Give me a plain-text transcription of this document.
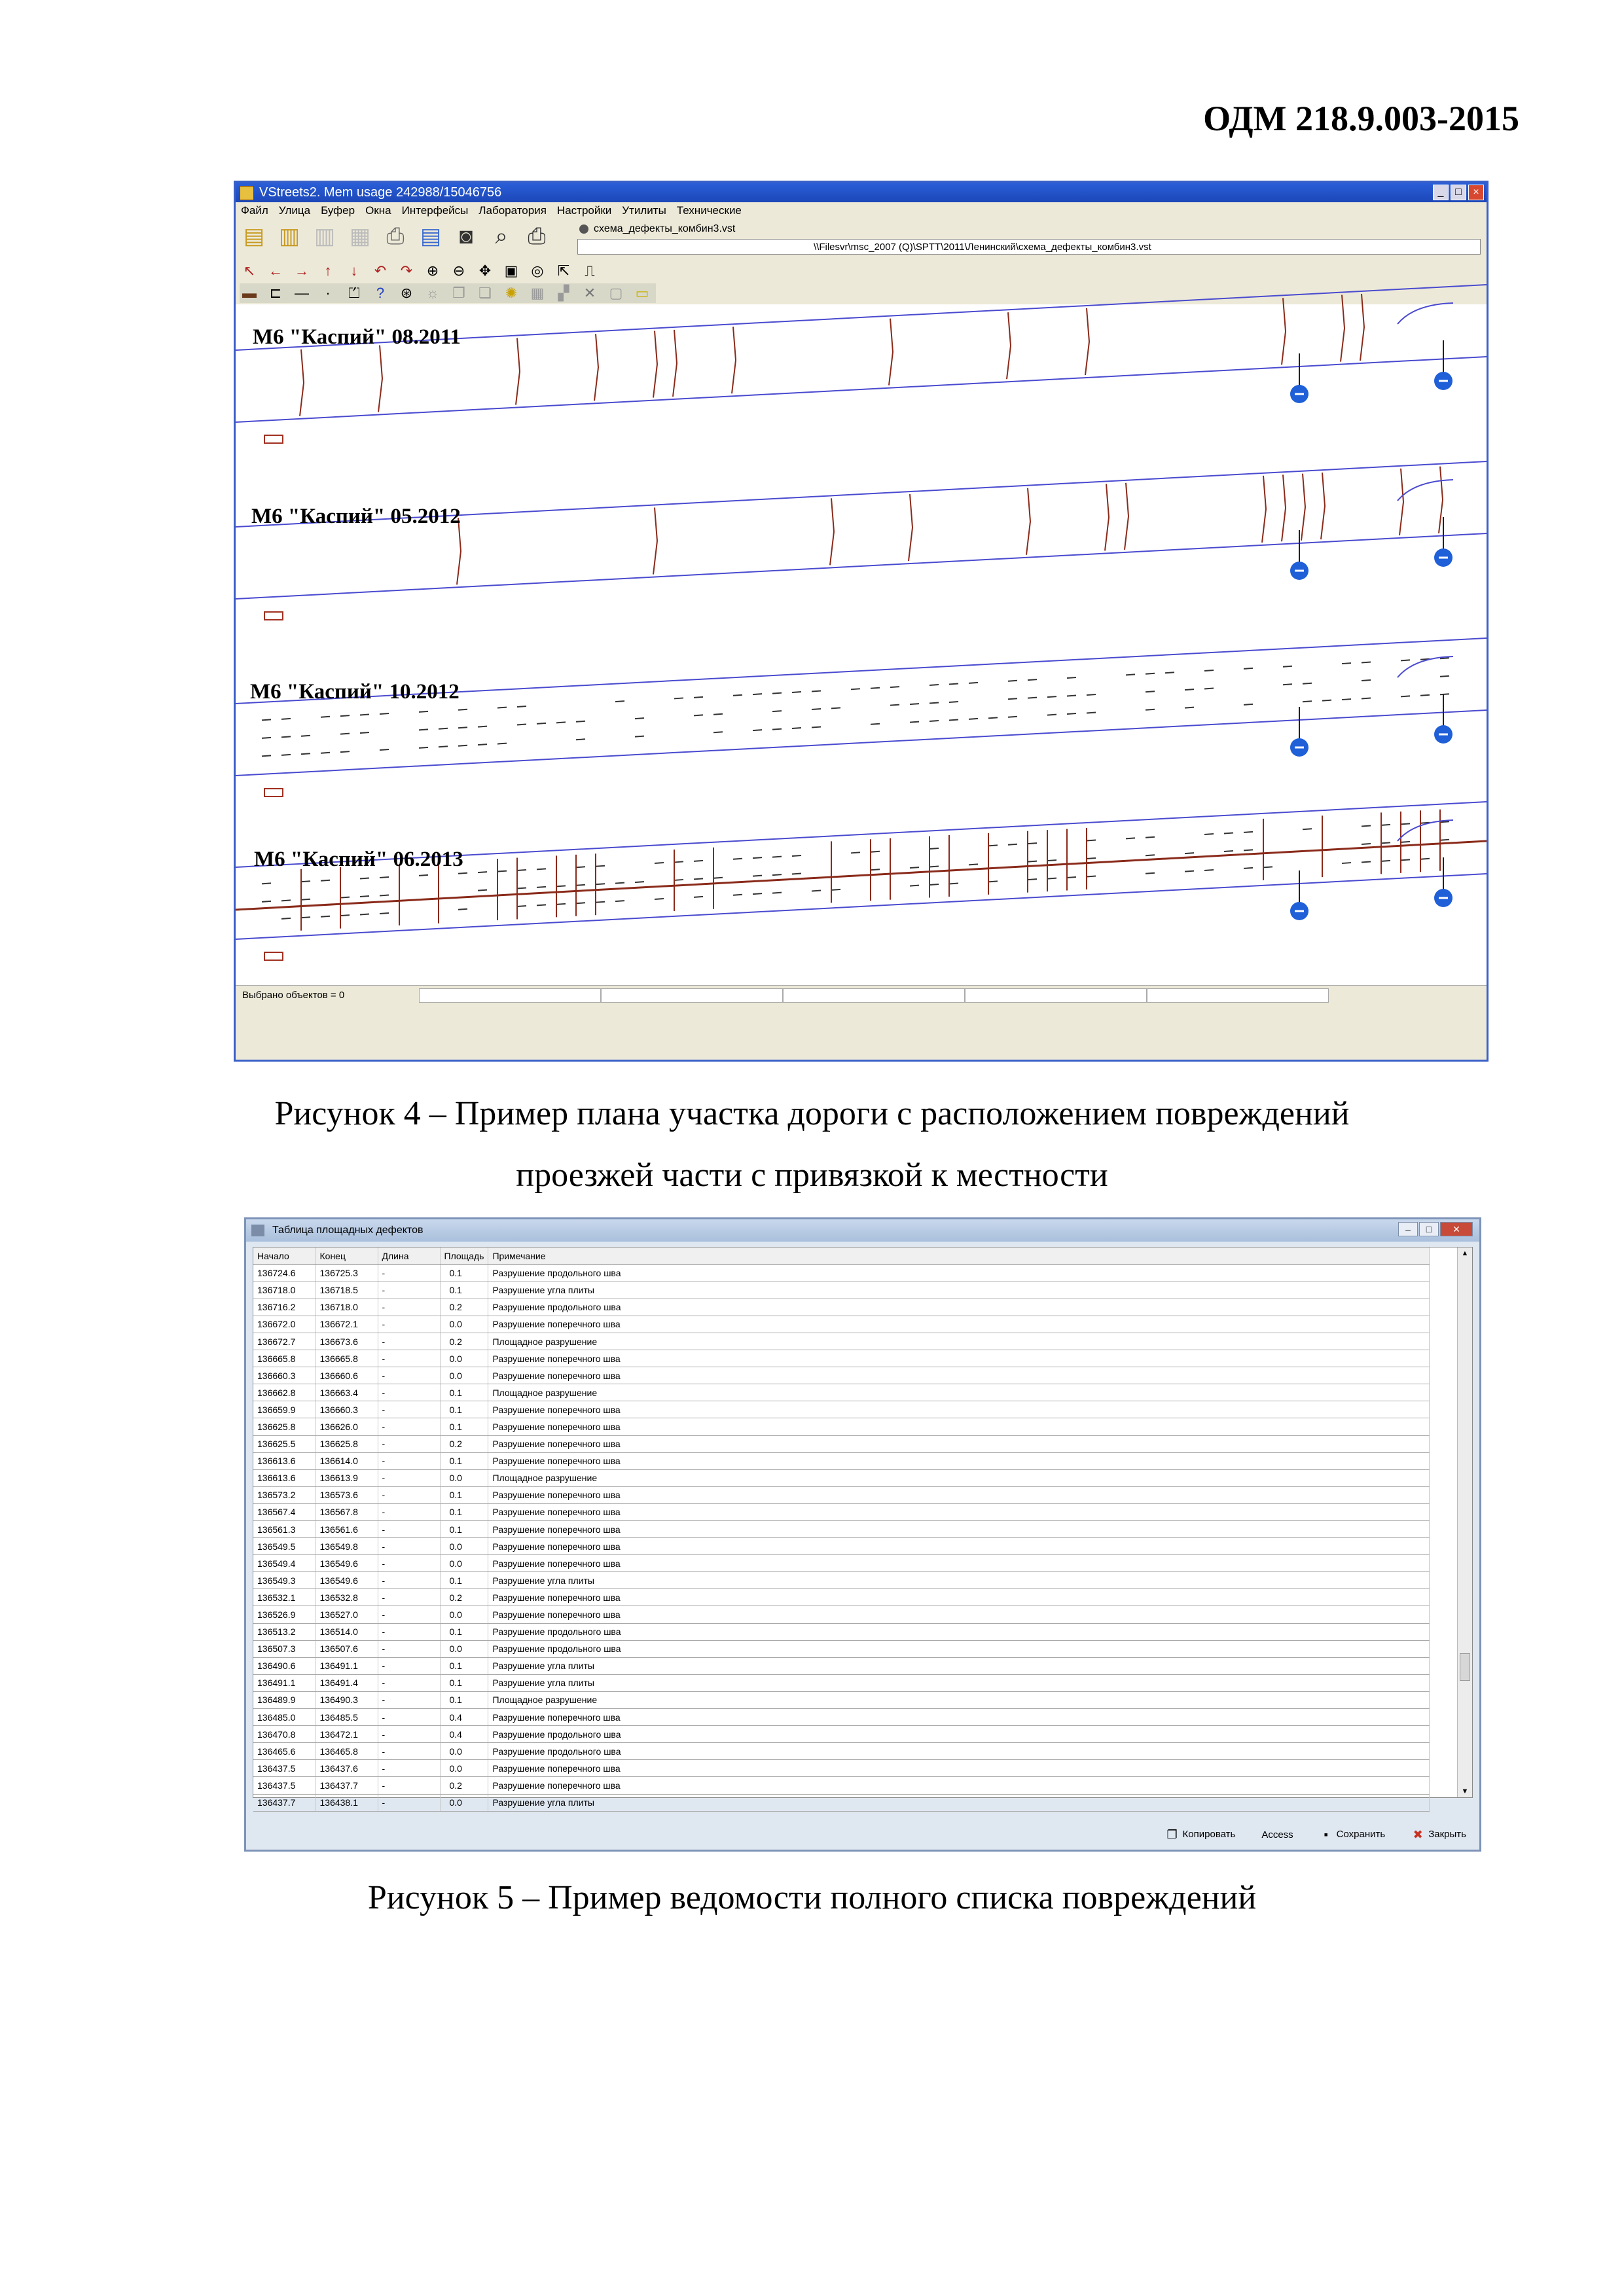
ОДМ 218.9.003-2015
VStreets2. Mem usage 242988/15046756	_	□	×
Файл Улица Буфер Окна Интерфейсы Лаборатория Настройки Утилиты Технические
▤ ▥ ▥ ▦ ⎙ ▤ ◙	⌕ ⎙	схема_дефекты_комбин3.vst
\\Filesvr\msc_2007 (Q)\SPTT\2011\Ленинский\схема_дефекты_комбин3.vst
↖ ← →	↑	↓	↶ ↷ ⊕ ⊖ ✥ ▣ ◎ ⇱	⎍
▬ ⊏ —	·	⏍	?	⊛ ☼ ❐ ❏ ✺ ▦ ▞ ✕ ▢ ▭
М6 "Каспий" 08.2011
М6 "Каспий" 05.2012
М6 "Каспий" 10.2012
М6 "Каспий" 06.2013
Выбрано объектов = 0
Рисунок 4 – Пример плана участка дороги с расположением повреждений
проезжей части с привязкой к местности
Таблица площадных дефектов	–	□	✕
Начало	Конец	Длина	Площадь	Примечание
136724.6	136725.3	-	0.1	Разрушение продольного шва
136718.0	136718.5	-	0.1	Разрушение угла плиты
136716.2	136718.0	-	0.2	Разрушение продольного шва
136672.0	136672.1	-	0.0	Разрушение поперечного шва
136672.7	136673.6	-	0.2	Площадное разрушение
136665.8	136665.8	-	0.0	Разрушение поперечного шва
136660.3	136660.6	-	0.0	Разрушение поперечного шва
136662.8	136663.4	-	0.1	Площадное разрушение
136659.9	136660.3	-	0.1	Разрушение поперечного шва
136625.8	136626.0	-	0.1	Разрушение поперечного шва
136625.5	136625.8	-	0.2	Разрушение поперечного шва
136613.6	136614.0	-	0.1	Разрушение поперечного шва
136613.6	136613.9	-	0.0	Площадное разрушение
136573.2	136573.6	-	0.1	Разрушение поперечного шва
136567.4	136567.8	-	0.1	Разрушение поперечного шва
136561.3	136561.6	-	0.1	Разрушение поперечного шва
136549.5	136549.8	-	0.0	Разрушение поперечного шва
136549.4	136549.6	-	0.0	Разрушение поперечного шва
136549.3	136549.6	-	0.1	Разрушение угла плиты
136532.1	136532.8	-	0.2	Разрушение поперечного шва
136526.9	136527.0	-	0.0	Разрушение поперечного шва
136513.2	136514.0	-	0.1	Разрушение продольного шва
136507.3	136507.6	-	0.0	Разрушение продольного шва
136490.6	136491.1	-	0.1	Разрушение угла плиты
136491.1	136491.4	-	0.1	Разрушение угла плиты
136489.9	136490.3	-	0.1	Площадное разрушение
136485.0	136485.5	-	0.4	Разрушение поперечного шва
136470.8	136472.1	-	0.4	Разрушение продольного шва
136465.6	136465.8	-	0.0	Разрушение продольного шва
136437.5	136437.6	-	0.0	Разрушение поперечного шва
136437.5	136437.7	-	0.2	Разрушение поперечного шва
136437.7	136438.1	-	0.0	Разрушение угла плиты
▲
▼
❐ Копировать	Access	▪ Сохранить ✖ Закрыть
Рисунок 5 – Пример ведомости полного списка повреждений
